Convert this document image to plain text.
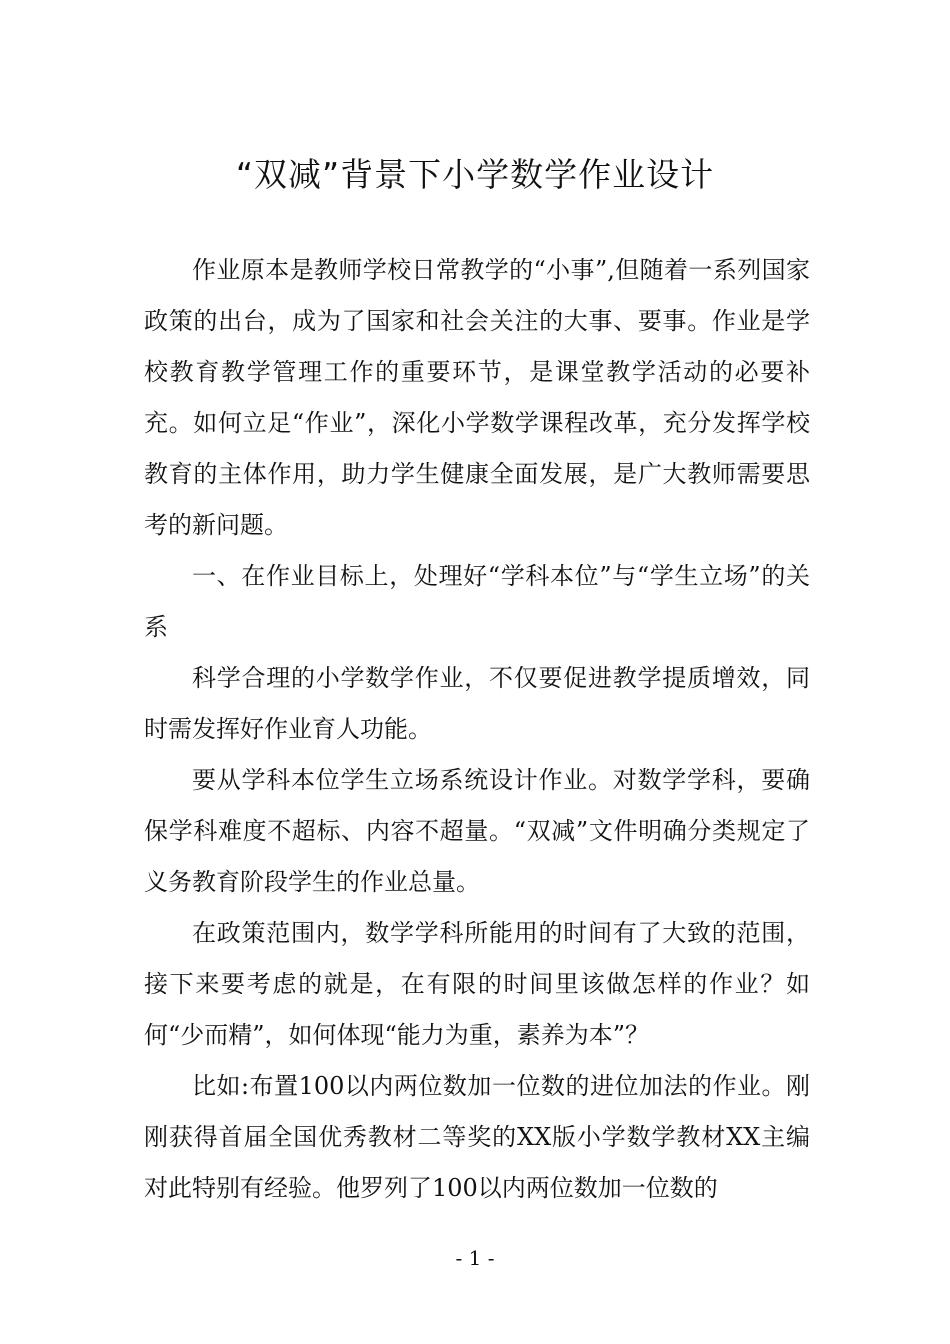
“双减”背景下小学数学作业设计

作业原本是教师学校日常教学的“小事”,但随着一系列国家政策的出台，成为了国家和社会关注的大事、要事。作业是学校教育教学管理工作的重要环节，是课堂教学活动的必要补充。如何立足“作业”，深化小学数学课程改革，充分发挥学校教育的主体作用，助力学生健康全面发展，是广大教师需要思考的新问题。

一、在作业目标上，处理好“学科本位”与“学生立场”的关系

科学合理的小学数学作业，不仅要促进教学提质增效，同时需发挥好作业育人功能。

要从学科本位学生立场系统设计作业。对数学学科，要确保学科难度不超标、内容不超量。“双减”文件明确分类规定了义务教育阶段学生的作业总量。

在政策范围内，数学学科所能用的时间有了大致的范围，接下来要考虑的就是，在有限的时间里该做怎样的作业？如何“少而精”，如何体现“能力为重，素养为本”？

比如:布置100以内两位数加一位数的进位加法的作业。刚刚获得首届全国优秀教材二等奖的XX版小学数学教材XX主编对此特别有经验。他罗列了100以内两位数加一位数的

- 1 -
